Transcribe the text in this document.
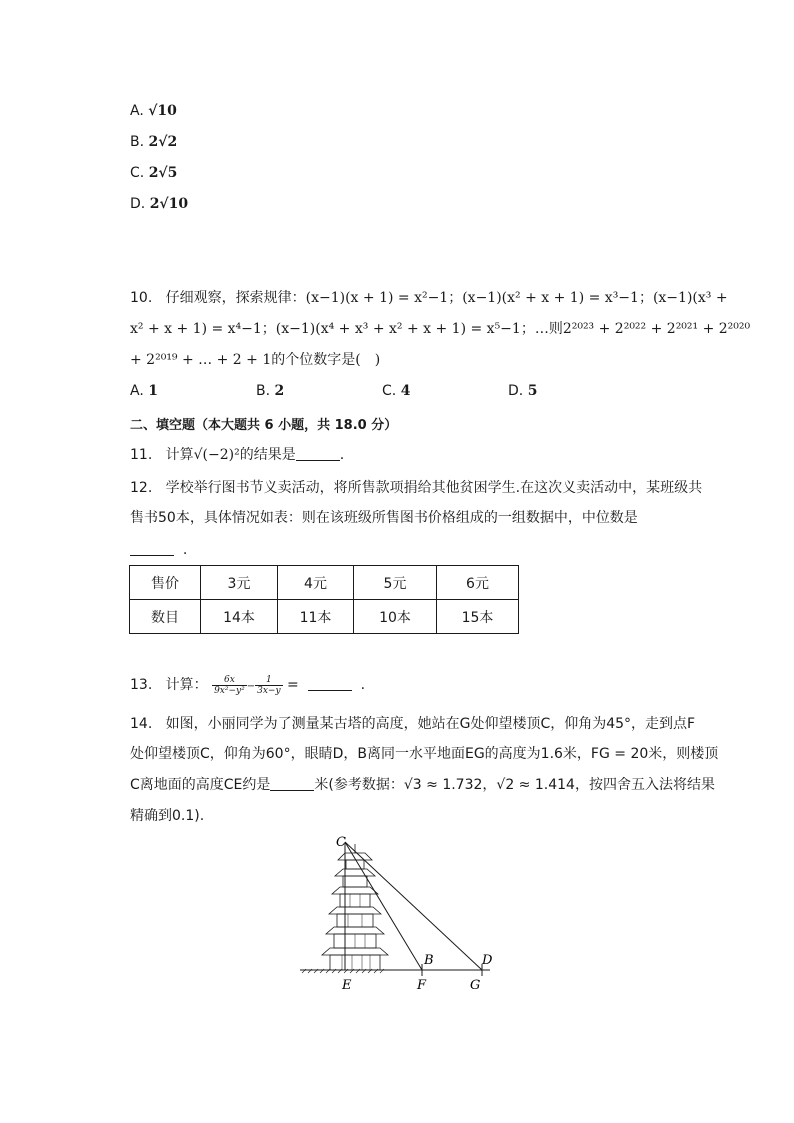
A. √10
B. 2√2
C. 2√5
D. 2√10
10. 仔细观察，探索规律：(x−1)(x + 1) = x²−1；(x−1)(x² + x + 1) = x³−1；(x−1)(x³ +
x² + x + 1) = x⁴−1；(x−1)(x⁴ + x³ + x² + x + 1) = x⁵−1；…则2²⁰²³ + 2²⁰²² + 2²⁰²¹ + 2²⁰²⁰
+ 2²⁰¹⁹ + … + 2 + 1的个位数字是(　)
A. 1	B. 2	C. 4	D. 5
二、填空题（本大题共 6 小题，共 18.0 分）
11. 计算√(−2)²的结果是	.
12. 学校举行图书节义卖活动，将所售款项捐给其他贫困学生.在这次义卖活动中，某班级共
售书50本，具体情况如表：则在该班级所售图书价格组成的一组数据中，中位数是
.
售价	3元	4元	5元	6元
数目	14本	11本	10本	15本
13. 计算： $\frac{6x}{\text{9x²−y²}} - \frac{1}{3x-y}$ =	.
14. 如图，小丽同学为了测量某古塔的高度，她站在G处仰望楼顶C，仰角为45°，走到点F
处仰望楼顶C，仰角为60°，眼睛D，B离同一水平地面EG的高度为1.6米，FG = 20米，则楼顶
C离地面的高度CE约是	米(参考数据：√3 ≈ 1.732，√2 ≈ 1.414，按四舍五入法将结果
精确到0.1).
C
B	D
E	F	G
